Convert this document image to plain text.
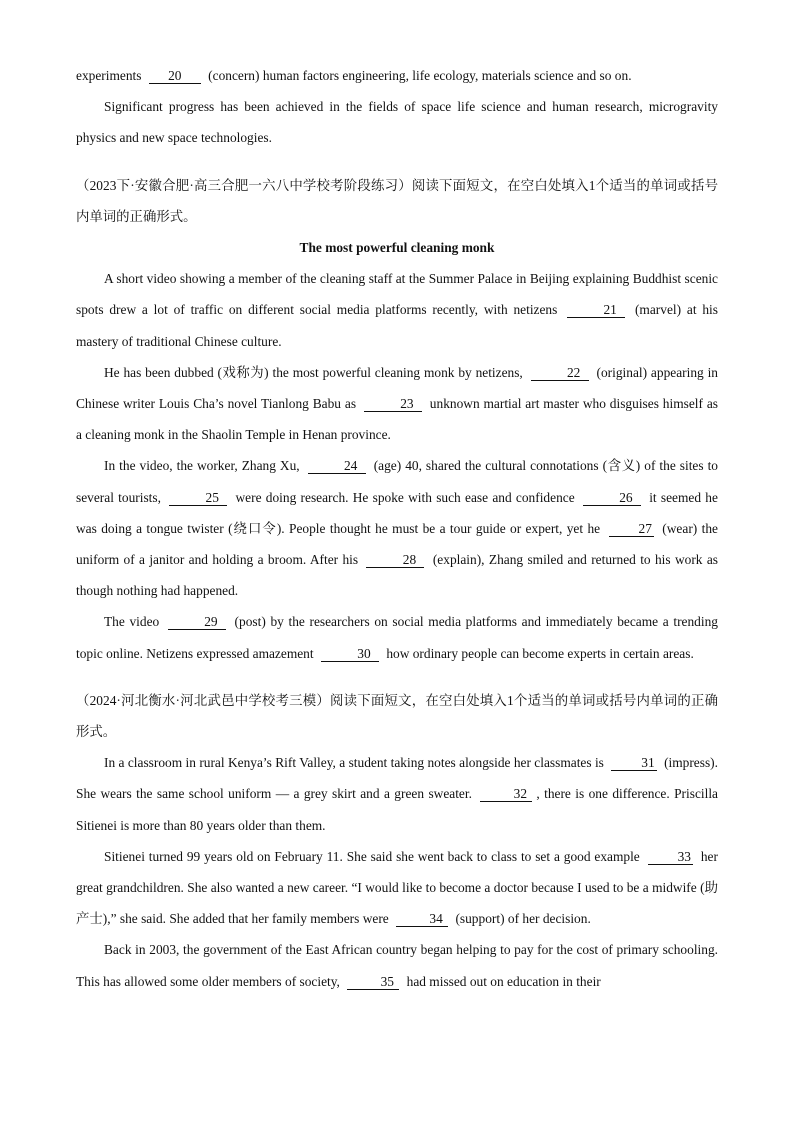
experiments 20 (concern) human factors engineering, life ecology, materials science and so on.

Significant progress has been achieved in the fields of space life science and human research, microgravity physics and new space technologies.

（2023下·安徽合肥·高三合肥一六八中学校考阶段练习）阅读下面短文，在空白处填入1个适当的单词或括号内单词的正确形式。

The most powerful cleaning monk

A short video showing a member of the cleaning staff at the Summer Palace in Beijing explaining Buddhist scenic spots drew a lot of traffic on different social media platforms recently, with netizens	21 (marvel) at his mastery of traditional Chinese culture.

He has been dubbed (戏称为) the most powerful cleaning monk by netizens,	22 (original) appearing in Chinese writer Louis Cha’s novel Tianlong Babu as	23 unknown martial art master who disguises himself as a cleaning monk in the Shaolin Temple in Henan province.

In the video, the worker, Zhang Xu,	24 (age) 40, shared the cultural connotations (含义) of the sites to several tourists,	25 were doing research. He spoke with such ease and confidence	26 it seemed he was doing a tongue twister (绕口令). People thought he must be a tour guide or expert, yet he	27 (wear) the uniform of a janitor and holding a broom. After his	28 (explain), Zhang smiled and returned to his work as though nothing had happened.

The video	29 (post) by the researchers on social media platforms and immediately became a trending topic online. Netizens expressed amazement	30 how ordinary people can become experts in certain areas.

（2024·河北衡水·河北武邑中学校考三模）阅读下面短文，在空白处填入1个适当的单词或括号内单词的正确形式。

In a classroom in rural Kenya’s Rift Valley, a student taking notes alongside her classmates is	31 (impress). She wears the same school uniform — a grey skirt and a green sweater.	32 , there is one difference. Priscilla Sitienei is more than 80 years older than them.

Sitienei turned 99 years old on February 11. She said she went back to class to set a good example	33 her great grandchildren. She also wanted a new career. “I would like to become a doctor because I used to be a midwife (助产士),” she said. She added that her family members were	34 (support) of her decision.

Back in 2003, the government of the East African country began helping to pay for the cost of primary schooling. This has allowed some older members of society,	35 had missed out on education in their
